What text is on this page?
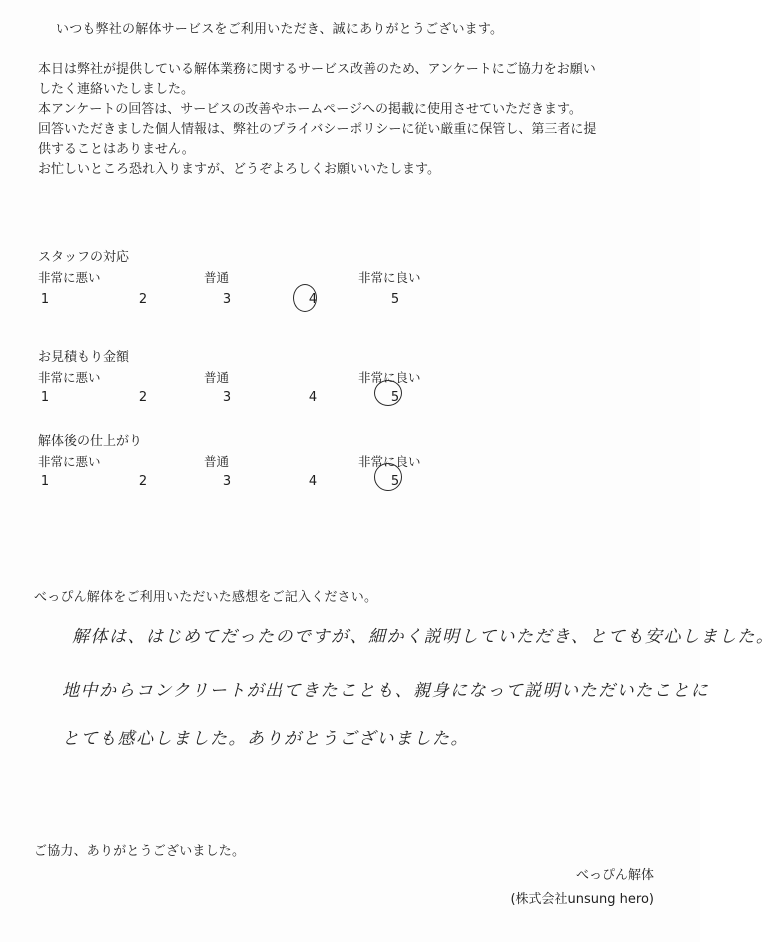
いつも弊社の解体サービスをご利用いただき、誠にありがとうございます。
本日は弊社が提供している解体業務に関するサービス改善のため、アンケートにご協力をお願い
したく連絡いたしました。
本アンケートの回答は、サービスの改善やホームページへの掲載に使用させていただきます。
回答いただきました個人情報は、弊社のプライバシーポリシーに従い厳重に保管し、第三者に提
供することはありません。
お忙しいところ恐れ入りますが、どうぞよろしくお願いいたします。
スタッフの対応
非常に悪い	普通	非常に良い
1	2	3	4	5
お見積もり金額
非常に悪い	普通	非常に良い
1	2	3	4	5
解体後の仕上がり
非常に悪い	普通	非常に良い
1	2	3	4	5
べっぴん解体をご利用いただいた感想をご記入ください。
解体は、はじめてだったのですが、細かく説明していただき、とても安心しました。
地中からコンクリートが出てきたことも、親身になって説明いただいたことに
とても感心しました。ありがとうございました。
ご協力、ありがとうございました。
べっぴん解体
(株式会社unsung hero)
